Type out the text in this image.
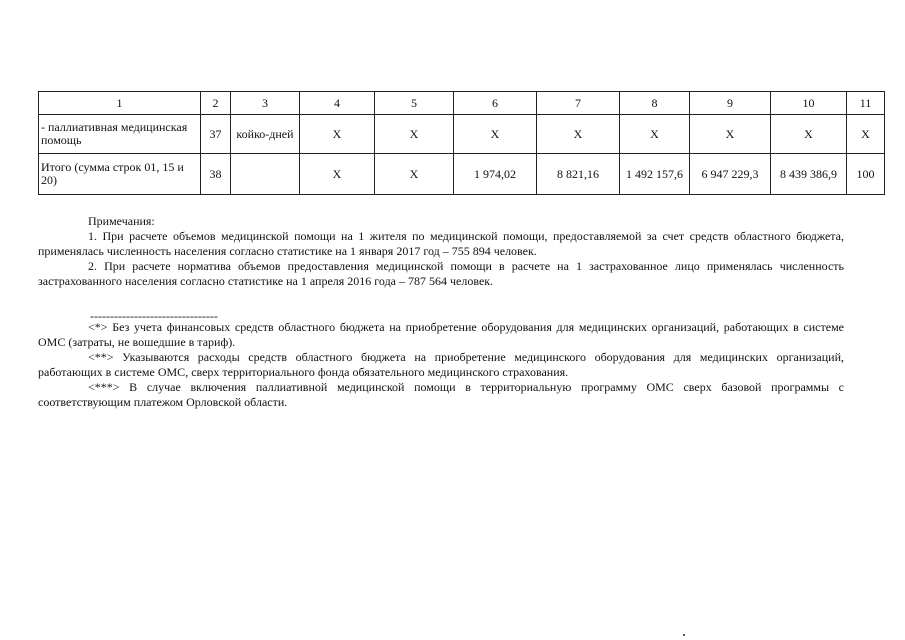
1	2	3	4	5	6	7	8	9	10	11
- паллиативная медицинская помощь	37	койко-дней	Х	Х	Х	Х	Х	Х	Х	Х
Итого (сумма строк 01, 15 и 20)	38		Х	Х	1 974,02	8 821,16	1 492 157,6	6 947 229,3	8 439 386,9	100

Примечания:

1. При расчете объемов медицинской помощи на 1 жителя по медицинской помощи, предоставляемой за счет средств областного бюджета, применялась численность населения согласно статистике на 1 января 2017 год – 755 894 человек.

2. При расчете норматива объемов предоставления медицинской помощи в расчете на 1 застрахованное лицо применялась численность застрахованного населения согласно статистике на 1 апреля 2016 года – 787 564 человек.

--------------------------------

<*> Без учета финансовых средств областного бюджета на приобретение оборудования для медицинских организаций, работающих в системе ОМС (затраты, не вошедшие в тариф).

<**> Указываются расходы средств областного бюджета на приобретение медицинского оборудования для медицинских организаций, работающих в системе ОМС, сверх территориального фонда обязательного медицинского страхования.

<***> В случае включения паллиативной медицинской помощи в территориальную программу ОМС сверх базовой программы с соответствующим платежом Орловской области.
